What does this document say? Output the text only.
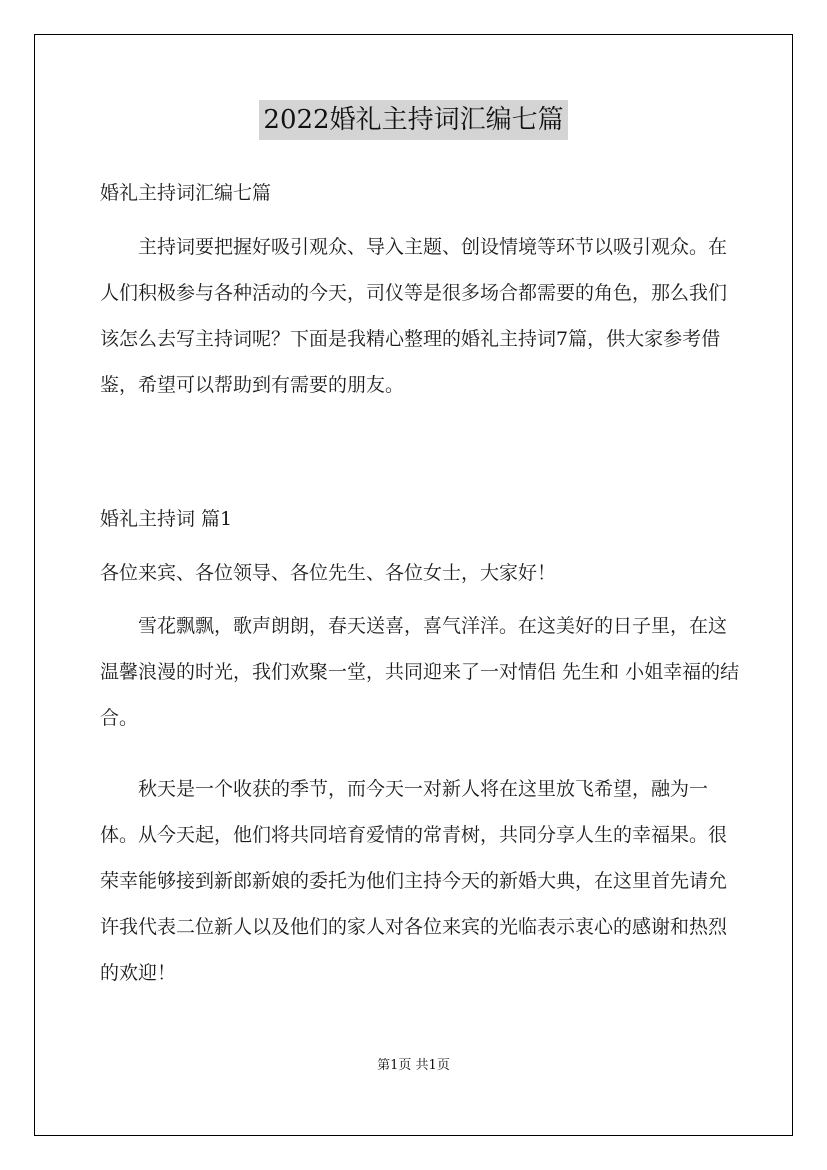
2022婚礼主持词汇编七篇

婚礼主持词汇编七篇

主持词要把握好吸引观众、导入主题、创设情境等环节以吸引观众。在人们积极参与各种活动的今天，司仪等是很多场合都需要的角色，那么我们该怎么去写主持词呢？下面是我精心整理的婚礼主持词7篇，供大家参考借鉴，希望可以帮助到有需要的朋友。

婚礼主持词 篇1

各位来宾、各位领导、各位先生、各位女士，大家好！

雪花飘飘，歌声朗朗，春天送喜，喜气洋洋。在这美好的日子里，在这温馨浪漫的时光，我们欢聚一堂，共同迎来了一对情侣 先生和 小姐幸福的结合。

秋天是一个收获的季节，而今天一对新人将在这里放飞希望，融为一体。从今天起，他们将共同培育爱情的常青树，共同分享人生的幸福果。很荣幸能够接到新郎新娘的委托为他们主持今天的新婚大典，在这里首先请允许我代表二位新人以及他们的家人对各位来宾的光临表示衷心的感谢和热烈的欢迎！

第1页 共1页
